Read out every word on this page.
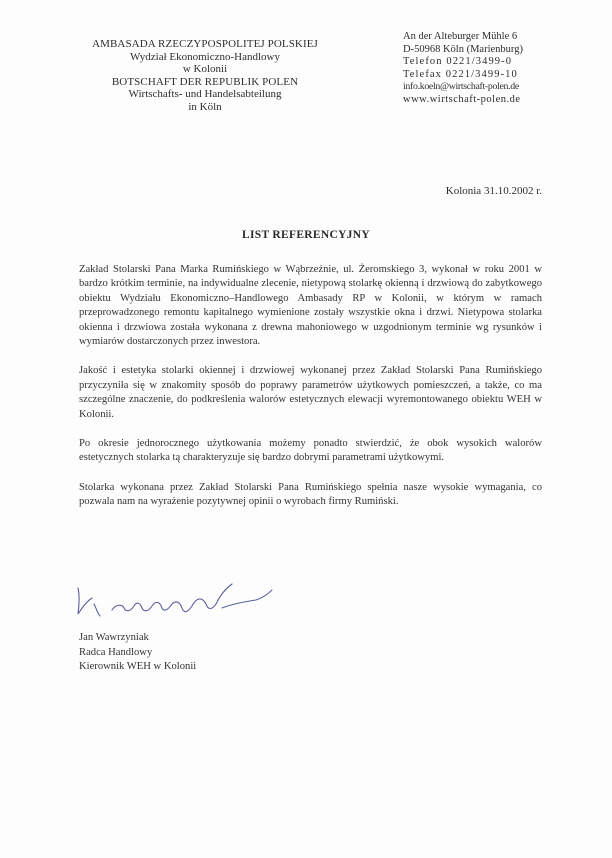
AMBASADA RZECZYPOSPOLITEJ POLSKIEJ
Wydział Ekonomiczno-Handlowy
w Kolonii
BOTSCHAFT DER REPUBLIK POLEN
Wirtschafts- und Handelsabteilung
in Köln
An der Alteburger Mühle 6
D-50968 Köln (Marienburg)
Telefon 0221/3499-0
Telefax 0221/3499-10
info.koeln@wirtschaft-polen.de
www.wirtschaft-polen.de
Kolonia 31.10.2002 r.
LIST REFERENCYJNY

Zakład Stolarski Pana Marka Rumińskiego w Wąbrzeźnie, ul. Żeromskiego 3, wykonał w roku 2001 w bardzo krótkim terminie, na indywidualne zlecenie, nietypową stolarkę okienną i drzwiową do zabytkowego obiektu Wydziału Ekonomiczno–Handlowego Ambasady RP w Kolonii, w którym w ramach przeprowadzonego remontu kapitalnego wymienione zostały wszystkie okna i drzwi. Nietypowa stolarka okienna i drzwiowa została wykonana z drewna mahoniowego w uzgodnionym terminie wg rysunków i wymiarów dostarczonych przez inwestora.

Jakość i estetyka stolarki okiennej i drzwiowej wykonanej przez Zakład Stolarski Pana Rumińskiego przyczyniła się w znakomity sposób do poprawy parametrów użytkowych pomieszczeń, a także, co ma szczególne znaczenie, do podkreślenia walorów estetycznych elewacji wyremontowanego obiektu WEH w Kolonii.

Po okresie jednorocznego użytkowania możemy ponadto stwierdzić, że obok wysokich walorów estetycznych stolarka tą charakteryzuje się bardzo dobrymi parametrami użytkowymi.

Stolarka wykonana przez Zakład Stolarski Pana Rumińskiego spełnia nasze wysokie wymagania, co pozwala nam na wyrażenie pozytywnej opinii o wyrobach firmy Rumiński.

Jan Wawrzyniak
Radca Handlowy
Kierownik WEH w Kolonii
